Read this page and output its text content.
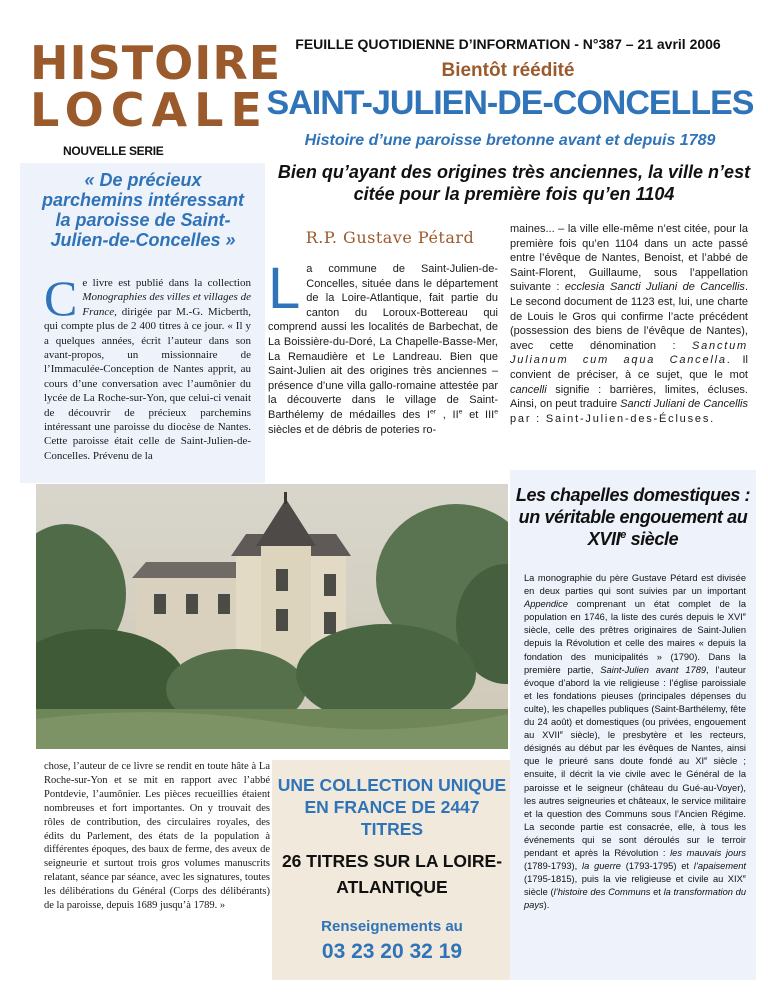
HISTOIRE
LOCALE
NOUVELLE SERIE
FEUILLE QUOTIDIENNE D’INFORMATION - N°387 – 21 avril 2006
Bientôt réédité
SAINT-JULIEN-DE-CONCELLES
Histoire d’une paroisse bretonne avant et depuis 1789
« De précieux parchemins intéressant la paroisse de Saint-Julien-de-Concelles »
Ce livre est publié dans la collection Monographies des villes et villages de France, dirigée par M.-G. Micberth, qui compte plus de 2 400 titres à ce jour. « Il y a quelques années, écrit l’auteur dans son avant-propos, un missionnaire de l’Immaculée-Conception de Nantes apprit, au cours d’une conversation avec l’aumônier du lycée de La Roche-sur-Yon, que celui-ci venait de découvrir de précieux parchemins intéressant une paroisse du diocèse de Nantes. Cette paroisse était celle de Saint-Julien-de-Concelles. Prévenu de la
Bien qu’ayant des origines très anciennes, la ville n’est citée pour la première fois qu’en 1104
R.P. Gustave Pétard
La commune de Saint-Julien-de-Concelles, située dans le département de la Loire-Atlantique, fait partie du canton du Loroux-Bottereau qui comprend aussi les localités de Barbechat, de La Boissière-du-Doré, La Chapelle-Basse-Mer, La Remaudière et Le Landreau. Bien que Saint-Julien ait des origines très anciennes – présence d’une villa gallo-romaine attestée par la découverte dans le village de Saint-Barthélemy de médailles des Ier , IIe et IIIe siècles et de débris de poteries ro-
maines... – la ville elle-même n’est citée, pour la première fois qu’en 1104 dans un acte passé entre l’évêque de Nantes, Benoist, et l’abbé de Saint-Florent, Guillaume, sous l’appellation suivante : ecclesia Sancti Juliani de Cancellis. Le second document de 1123 est, lui, une charte de Louis le Gros qui confirme l’acte précédent (possession des biens de l’évêque de Nantes), avec cette dénomination : Sanctum Julianum cum aqua Cancella. Il convient de préciser, à ce sujet, que le mot cancelli signifie : barrières, limites, écluses. Ainsi, on peut traduire Sancti Juliani de Cancellis par : Saint-Julien-des-Écluses.
chose, l’auteur de ce livre se rendit en toute hâte à La Roche-sur-Yon et se mit en rapport avec l’abbé Pontdevie, l’aumônier. Les pièces recueillies étaient nombreuses et fort importantes. On y trouvait des rôles de contribution, des circulaires royales, des édits du Parlement, des états de la population à différentes époques, des baux de ferme, des aveux de seigneurie et surtout trois gros volumes manuscrits relatant, séance par séance, avec les signatures, toutes les délibérations du Général (Corps des délibérants) de la paroisse, depuis 1689 jusqu’à 1789. »
UNE COLLECTION UNIQUE EN FRANCE DE 2447 TITRES
26 TITRES SUR LA LOIRE-ATLANTIQUE
Renseignements au
03 23 20 32 19
Les chapelles domestiques : un véritable engouement au XVIIe siècle
La monographie du père Gustave Pétard est divisée en deux parties qui sont suivies par un important Appendice comprenant un état complet de la population en 1746, la liste des curés depuis le XVIe siècle, celle des prêtres originaires de Saint-Julien depuis la Révolution et celle des maires « depuis la fondation des municipalités » (1790). Dans la première partie, Saint-Julien avant 1789, l’auteur évoque d’abord la vie religieuse : l’église paroissiale et les fondations pieuses (principales dépenses du culte), les chapelles publiques (Saint-Barthélemy, fête du 24 août) et domestiques (ou privées, engouement au XVIIe siècle), le presbytère et les recteurs, désignés au début par les évêques de Nantes, ainsi que le prieuré sans doute fondé au XIe siècle ; ensuite, il décrit la vie civile avec le Général de la paroisse et le seigneur (château du Gué-au-Voyer), les autres seigneuries et châteaux, le service militaire et la question des Communs sous l’Ancien Régime. La seconde partie est consacrée, elle, à tous les événements qui se sont déroulés sur le terroir pendant et après la Révolution : les mauvais jours (1789-1793), la guerre (1793-1795) et l’apaisement (1795-1815), puis la vie religieuse et civile au XIXe siècle (l’histoire des Communs et la transformation du pays).
